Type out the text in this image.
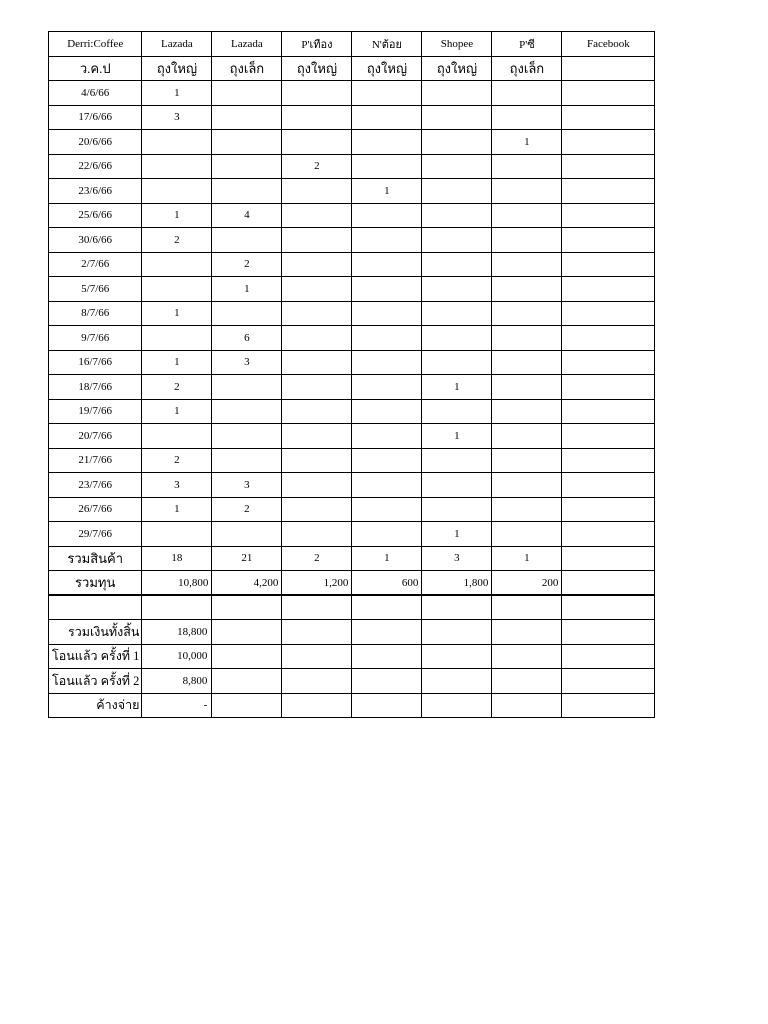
Derri:Coffee	Lazada	Lazada	P'เทือง	N'ต้อย	Shopee	P'ซี	Facebook
ว.ค.ป	ถุงใหญ่	ถุงเล็ก	ถุงใหญ่	ถุงใหญ่	ถุงใหญ่	ถุงเล็ก	
4/6/66	1						
17/6/66	3						
20/6/66						1	
22/6/66			2				
23/6/66				1			
25/6/66	1	4					
30/6/66	2						
2/7/66		2					
5/7/66		1					
8/7/66	1						
9/7/66		6					
16/7/66	1	3					
18/7/66	2				1		
19/7/66	1						
20/7/66					1		
21/7/66	2						
23/7/66	3	3					
26/7/66	1	2					
29/7/66					1		
รวมสินค้า	18	21	2	1	3	1	
รวมทุน	10,800	4,200	1,200	600	1,800	200	

รวมเงินทั้งสิ้น	18,800						
โอนแล้ว ครั้งที่ 1	10,000						
โอนแล้ว ครั้งที่ 2	8,800						
ค้างจ่าย	-						
